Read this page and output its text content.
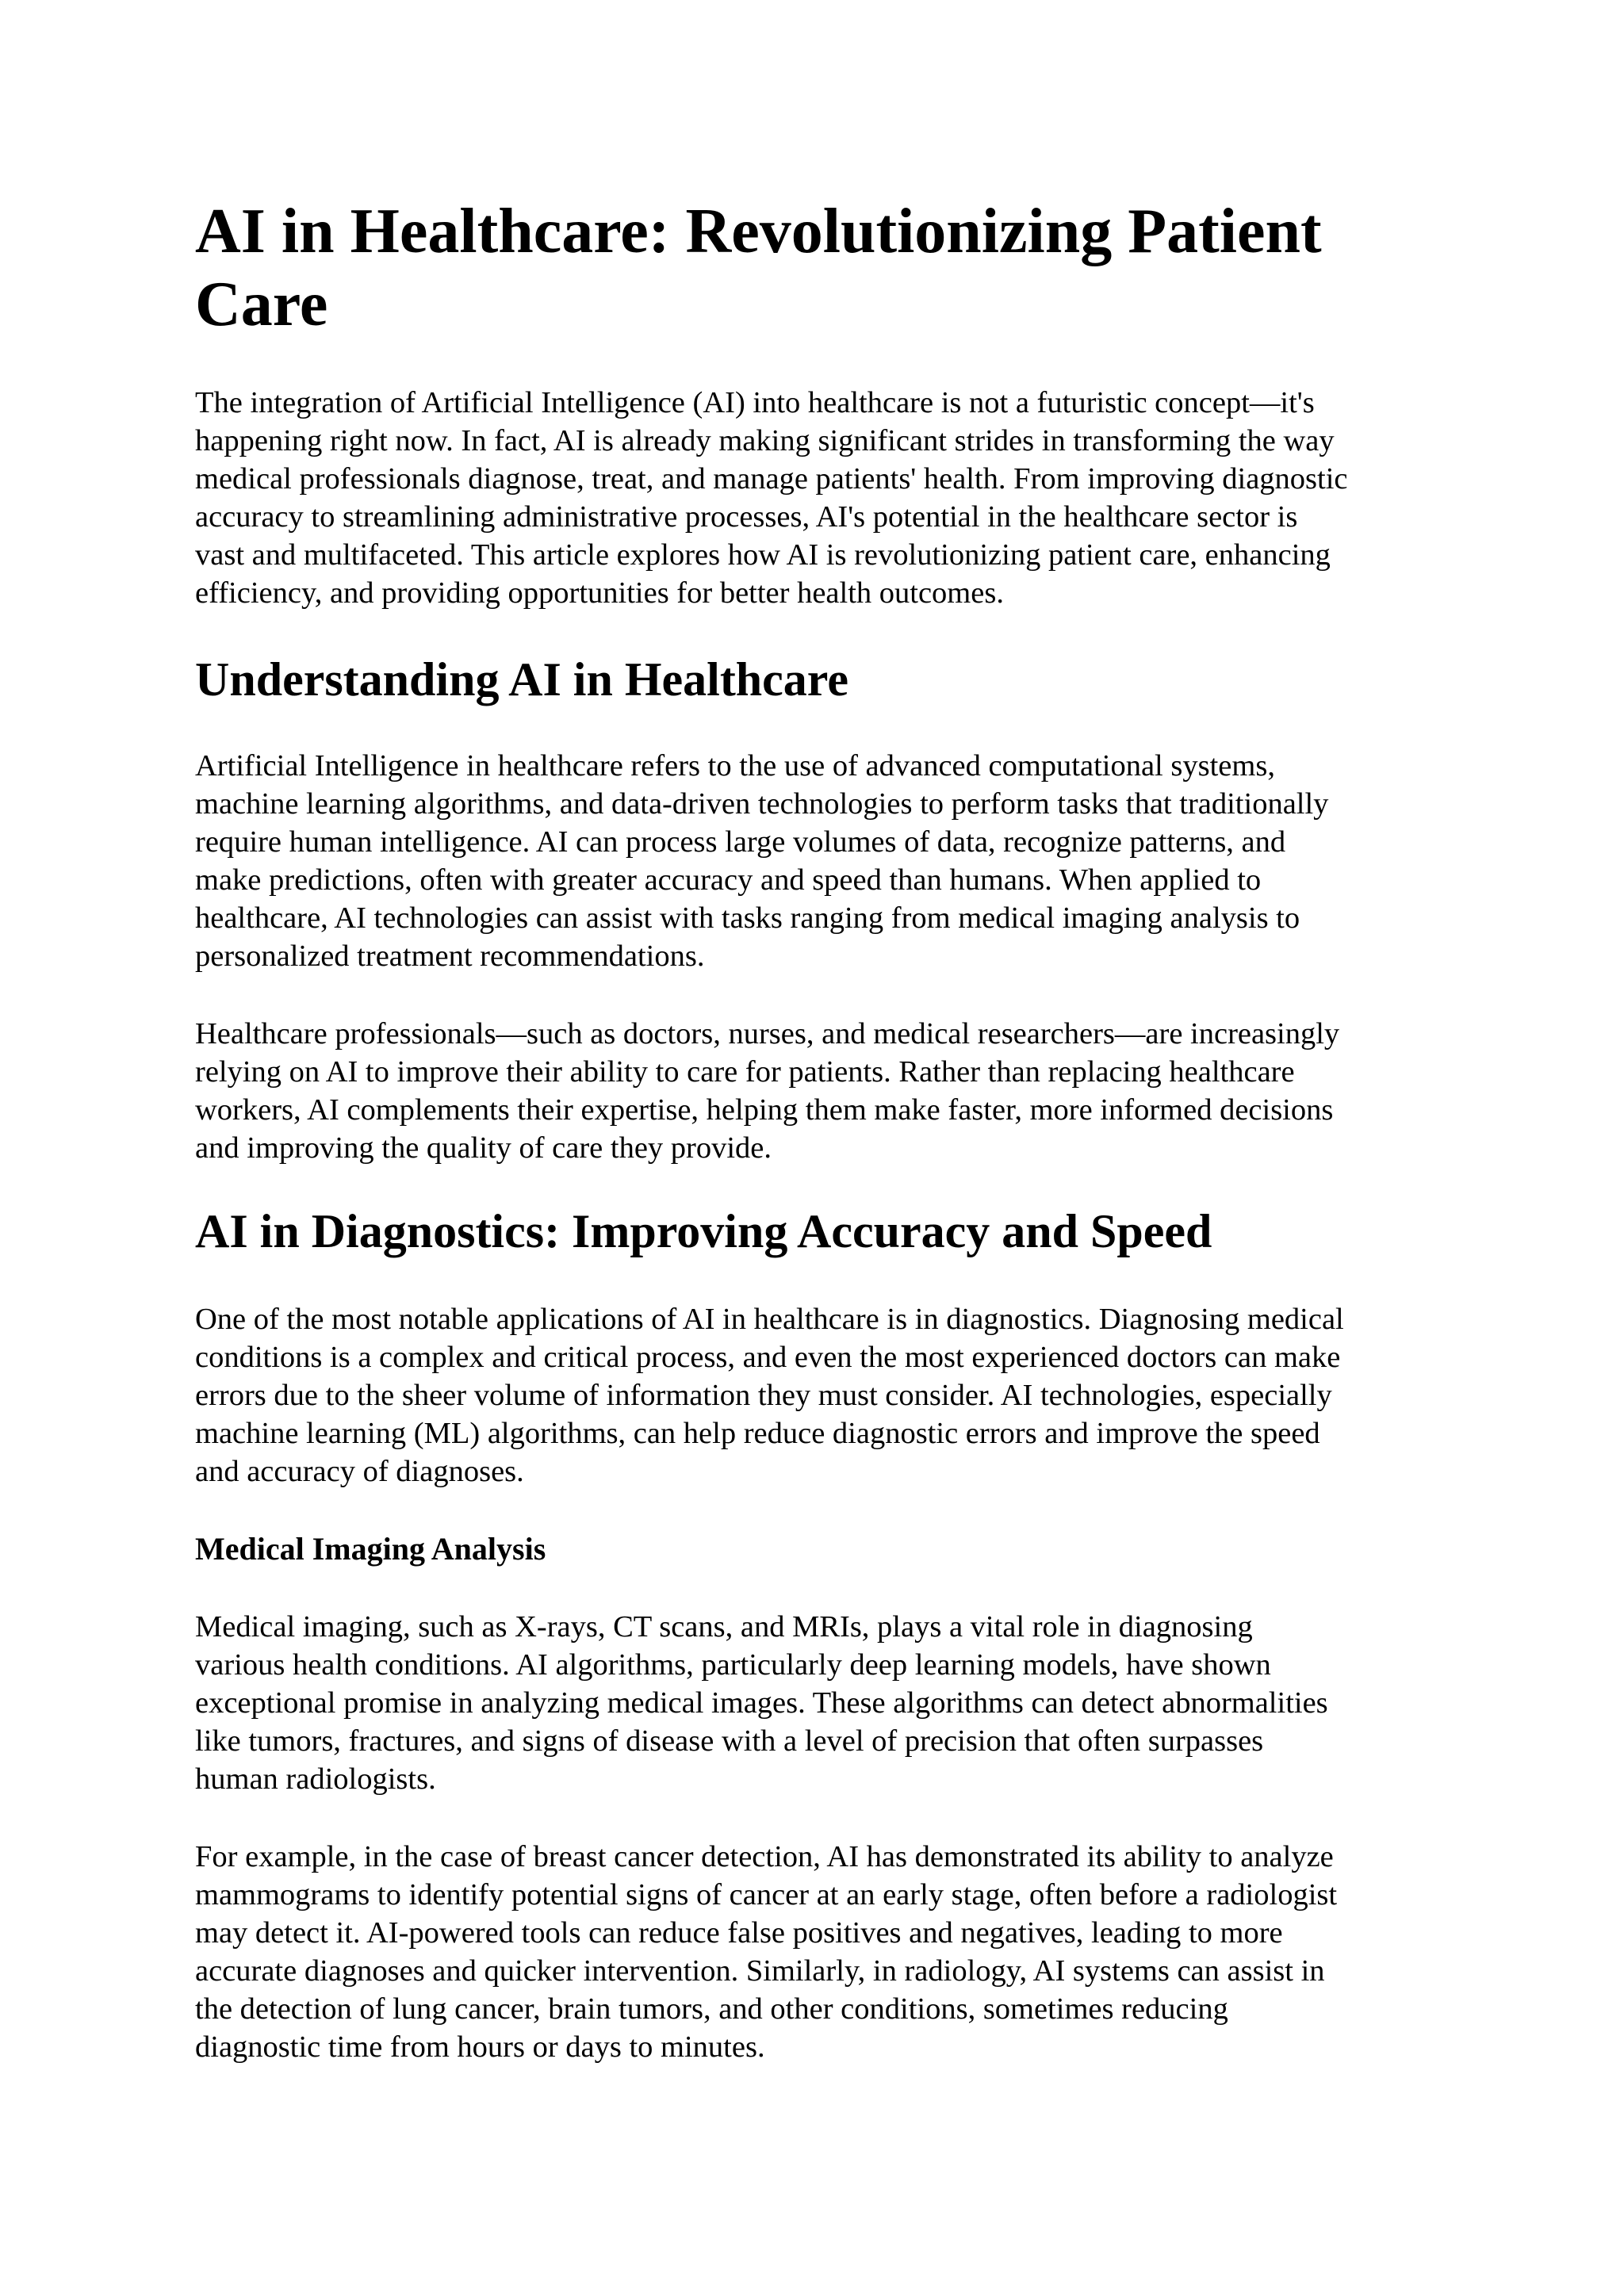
AI in Healthcare: Revolutionizing Patient Care
The integration of Artificial Intelligence (AI) into healthcare is not a futuristic concept—it's
happening right now. In fact, AI is already making significant strides in transforming the way
medical professionals diagnose, treat, and manage patients' health. From improving diagnostic
accuracy to streamlining administrative processes, AI's potential in the healthcare sector is
vast and multifaceted. This article explores how AI is revolutionizing patient care, enhancing
efficiency, and providing opportunities for better health outcomes.
Understanding AI in Healthcare
Artificial Intelligence in healthcare refers to the use of advanced computational systems,
machine learning algorithms, and data-driven technologies to perform tasks that traditionally
require human intelligence. AI can process large volumes of data, recognize patterns, and
make predictions, often with greater accuracy and speed than humans. When applied to
healthcare, AI technologies can assist with tasks ranging from medical imaging analysis to
personalized treatment recommendations.
Healthcare professionals—such as doctors, nurses, and medical researchers—are increasingly
relying on AI to improve their ability to care for patients. Rather than replacing healthcare
workers, AI complements their expertise, helping them make faster, more informed decisions
and improving the quality of care they provide.
AI in Diagnostics: Improving Accuracy and Speed
One of the most notable applications of AI in healthcare is in diagnostics. Diagnosing medical
conditions is a complex and critical process, and even the most experienced doctors can make
errors due to the sheer volume of information they must consider. AI technologies, especially
machine learning (ML) algorithms, can help reduce diagnostic errors and improve the speed
and accuracy of diagnoses.
Medical Imaging Analysis
Medical imaging, such as X-rays, CT scans, and MRIs, plays a vital role in diagnosing
various health conditions. AI algorithms, particularly deep learning models, have shown
exceptional promise in analyzing medical images. These algorithms can detect abnormalities
like tumors, fractures, and signs of disease with a level of precision that often surpasses
human radiologists.
For example, in the case of breast cancer detection, AI has demonstrated its ability to analyze
mammograms to identify potential signs of cancer at an early stage, often before a radiologist
may detect it. AI-powered tools can reduce false positives and negatives, leading to more
accurate diagnoses and quicker intervention. Similarly, in radiology, AI systems can assist in
the detection of lung cancer, brain tumors, and other conditions, sometimes reducing
diagnostic time from hours or days to minutes.
